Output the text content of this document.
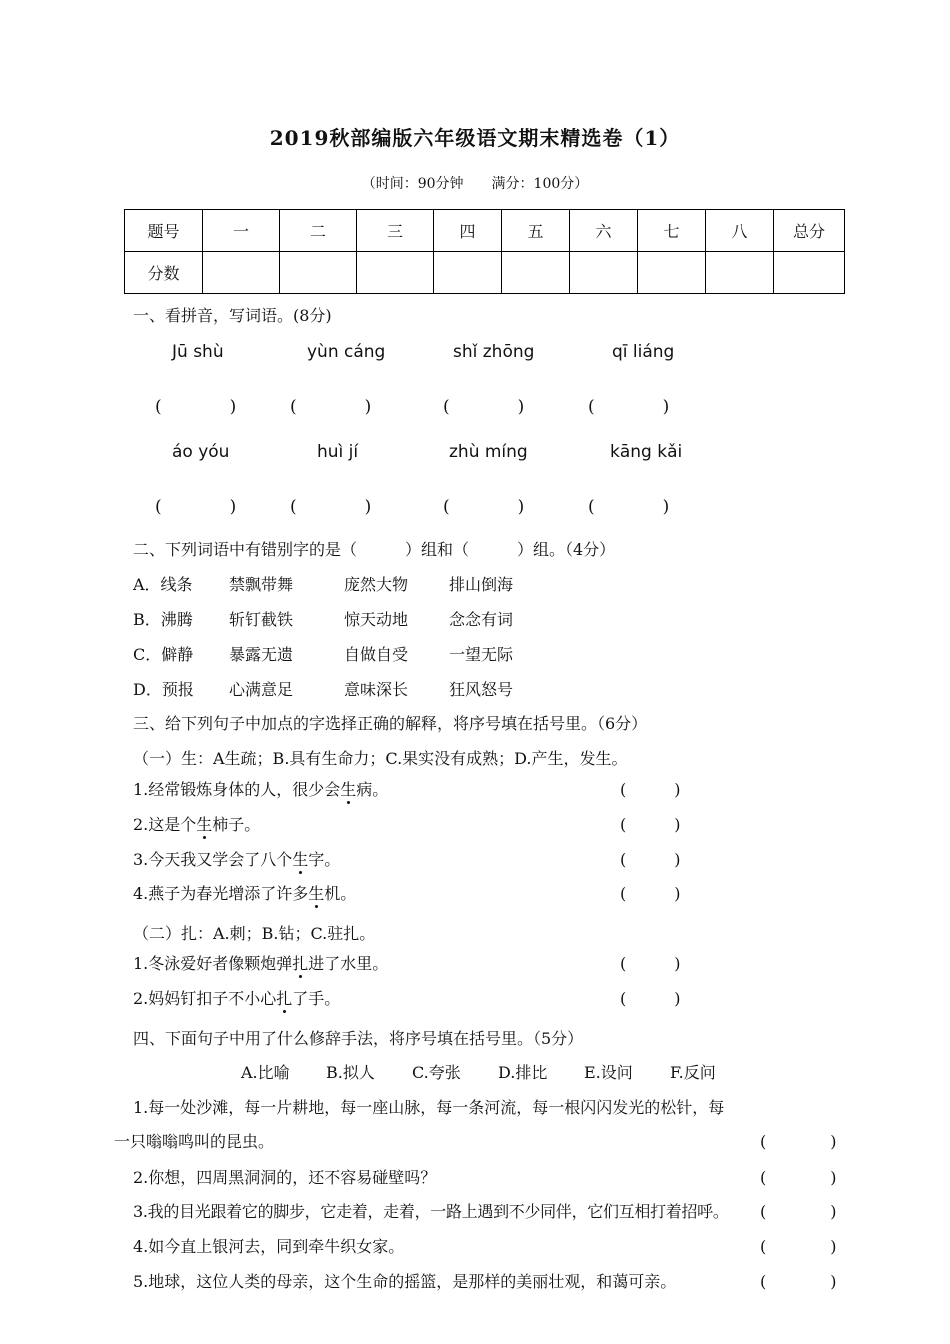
2019秋部编版六年级语文期末精选卷（1）
（时间：90分钟　　满分：100分）
题号	一	二	三	四	五	六	七	八	总分
分数									
一、看拼音，写词语。(8分)
Jū shù	yùn cáng	shǐ zhōng	qī liáng
(　　　　)	(　　　　)	(　　　　)	(　　　　)
áo yóu	huì jí	zhù míng	kāng kǎi
(　　　　)	(　　　　)	(　　　　)	(　　　　)
二、下列词语中有错别字的是（　　　）组和（　　　）组。（4分）
A．线条 禁飘带舞	庞然大物	排山倒海
B．沸腾 斩钉截铁	惊天动地	念念有词
C．僻静 暴露无遗	自做自受	一望无际
D．预报 心满意足	意味深长	狂风怒号
三、给下列句子中加点的字选择正确的解释，将序号填在括号里。（6分）
（一）生：A生疏；B.具有生命力；C.果实没有成熟；D.产生，发生。
1.经常锻炼身体的人，很少会生病。	(　　　)
2.这是个生柿子。	(　　　)
3.今天我又学会了八个生字。	(　　　)
4.燕子为春光增添了许多生机。	(　　　)
（二）扎：A.刺；B.钻；C.驻扎。
1.冬泳爱好者像颗炮弹扎进了水里。	(　　　)
2.妈妈钉扣子不小心扎了手。	(　　　)
四、下面句子中用了什么修辞手法，将序号填在括号里。（5分）
A.比喻 B.拟人 C.夸张 D.排比 E.设问 F.反问
1.每一处沙滩，每一片耕地，每一座山脉，每一条河流，每一根闪闪发光的松针，每
一只嗡嗡鸣叫的昆虫。	(　　　　)
2.你想，四周黑洞洞的，还不容易碰壁吗？	(　　　　)
3.我的目光跟着它的脚步，它走着，走着，一路上遇到不少同伴，它们互相打着招呼。 (　　　　)
4.如今直上银河去，同到牵牛织女家。	(　　　　)
5.地球，这位人类的母亲，这个生命的摇篮，是那样的美丽壮观，和蔼可亲。	(　　　　)
